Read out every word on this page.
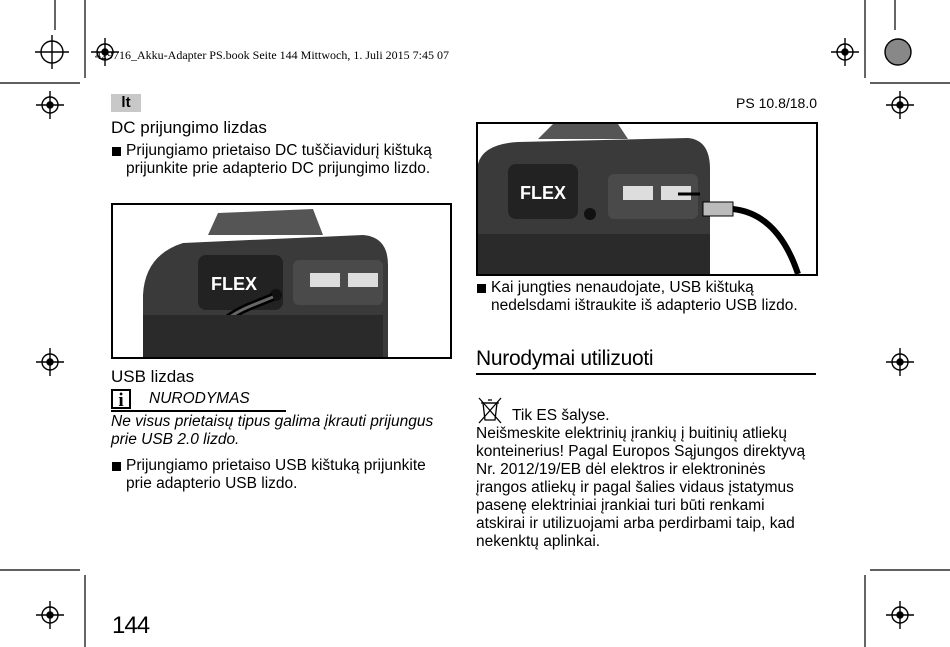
429716_Akku-Adapter PS.book Seite 144 Mittwoch, 1. Juli 2015 7:45 07
lt	PS 10.8/18.0
DC prijungimo lizdas
Prijungiamo prietaiso DC tuščiavidurį kištuką prijunkite prie adapterio DC prijungimo lizdo.
FLEX
USB lizdas
i	NURODYMAS
Ne visus prietaisų tipus galima įkrauti prijungus prie USB 2.0 lizdo.
Prijungiamo prietaiso USB kištuką prijunkite prie adapterio USB lizdo.
FLEX
Kai jungties nenaudojate, USB kištuką nedelsdami ištraukite iš adapterio USB lizdo.
Nurodymai utilizuoti
Tik ES šalyse.
Neišmeskite elektrinių įrankių į buitinių atliekų konteinerius! Pagal Europos Sąjungos direktyvą Nr. 2012/19/EB dėl elektros ir elektroninės įrangos atliekų ir pagal šalies vidaus įstatymus pasenę elektriniai įrankiai turi būti renkami atskirai ir utilizuojami arba perdirbami taip, kad nekenktų aplinkai.
144
